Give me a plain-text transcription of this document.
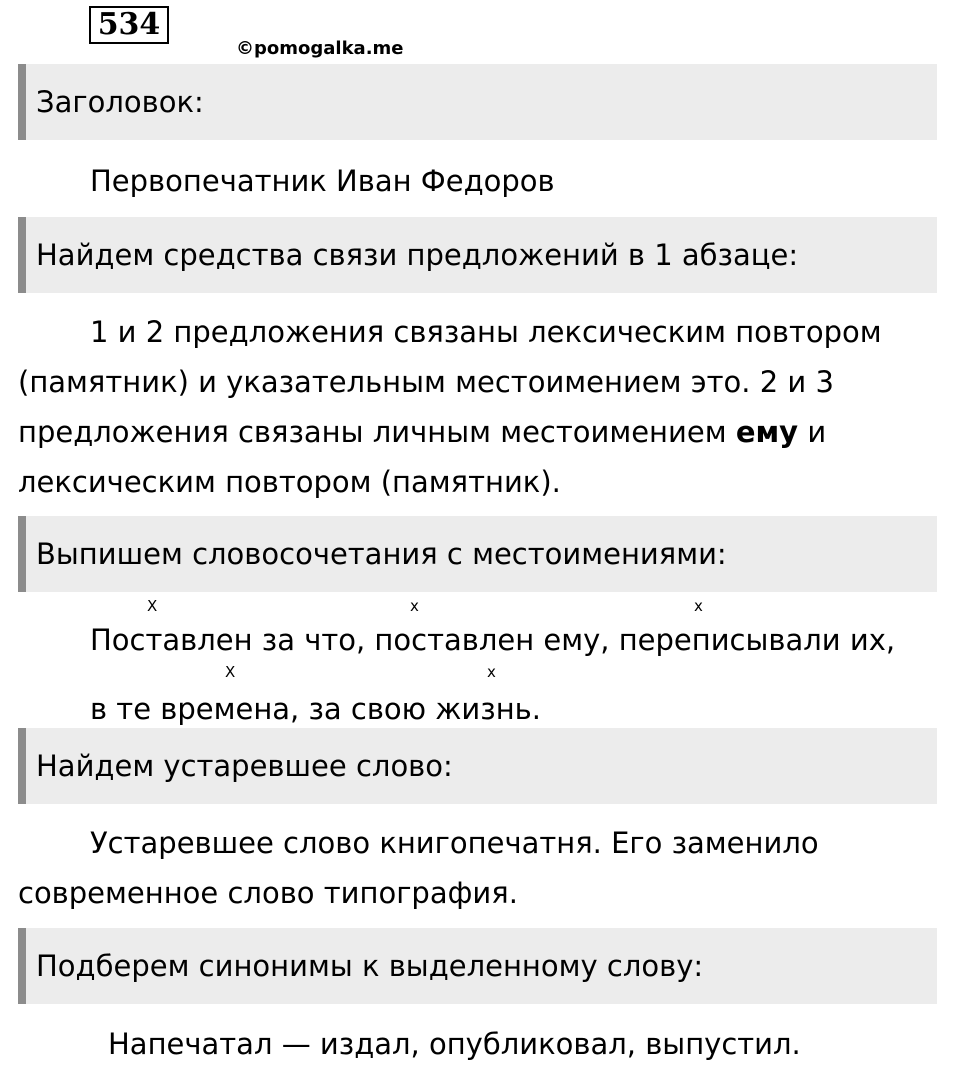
534
©pomogalka.me
Заголовок:
Первопечатник Иван Федоров
Найдем средства связи предложений в 1 абзаце:
1 и 2 предложения связаны лексическим повтором
(памятник) и указательным местоимением это. 2 и 3
предложения связаны личным местоимением ему и
лексическим повтором (памятник).
Выпишем словосочетания с местоимениями:
X	x	x
Поставлен за что, поставлен ему, переписывали их,
X	x
в те времена, за свою жизнь.
Найдем устаревшее слово:
Устаревшее слово книгопечатня. Его заменило
современное слово типография.
Подберем синонимы к выделенному слову:
Напечатал — издал, опубликовал, выпустил.
